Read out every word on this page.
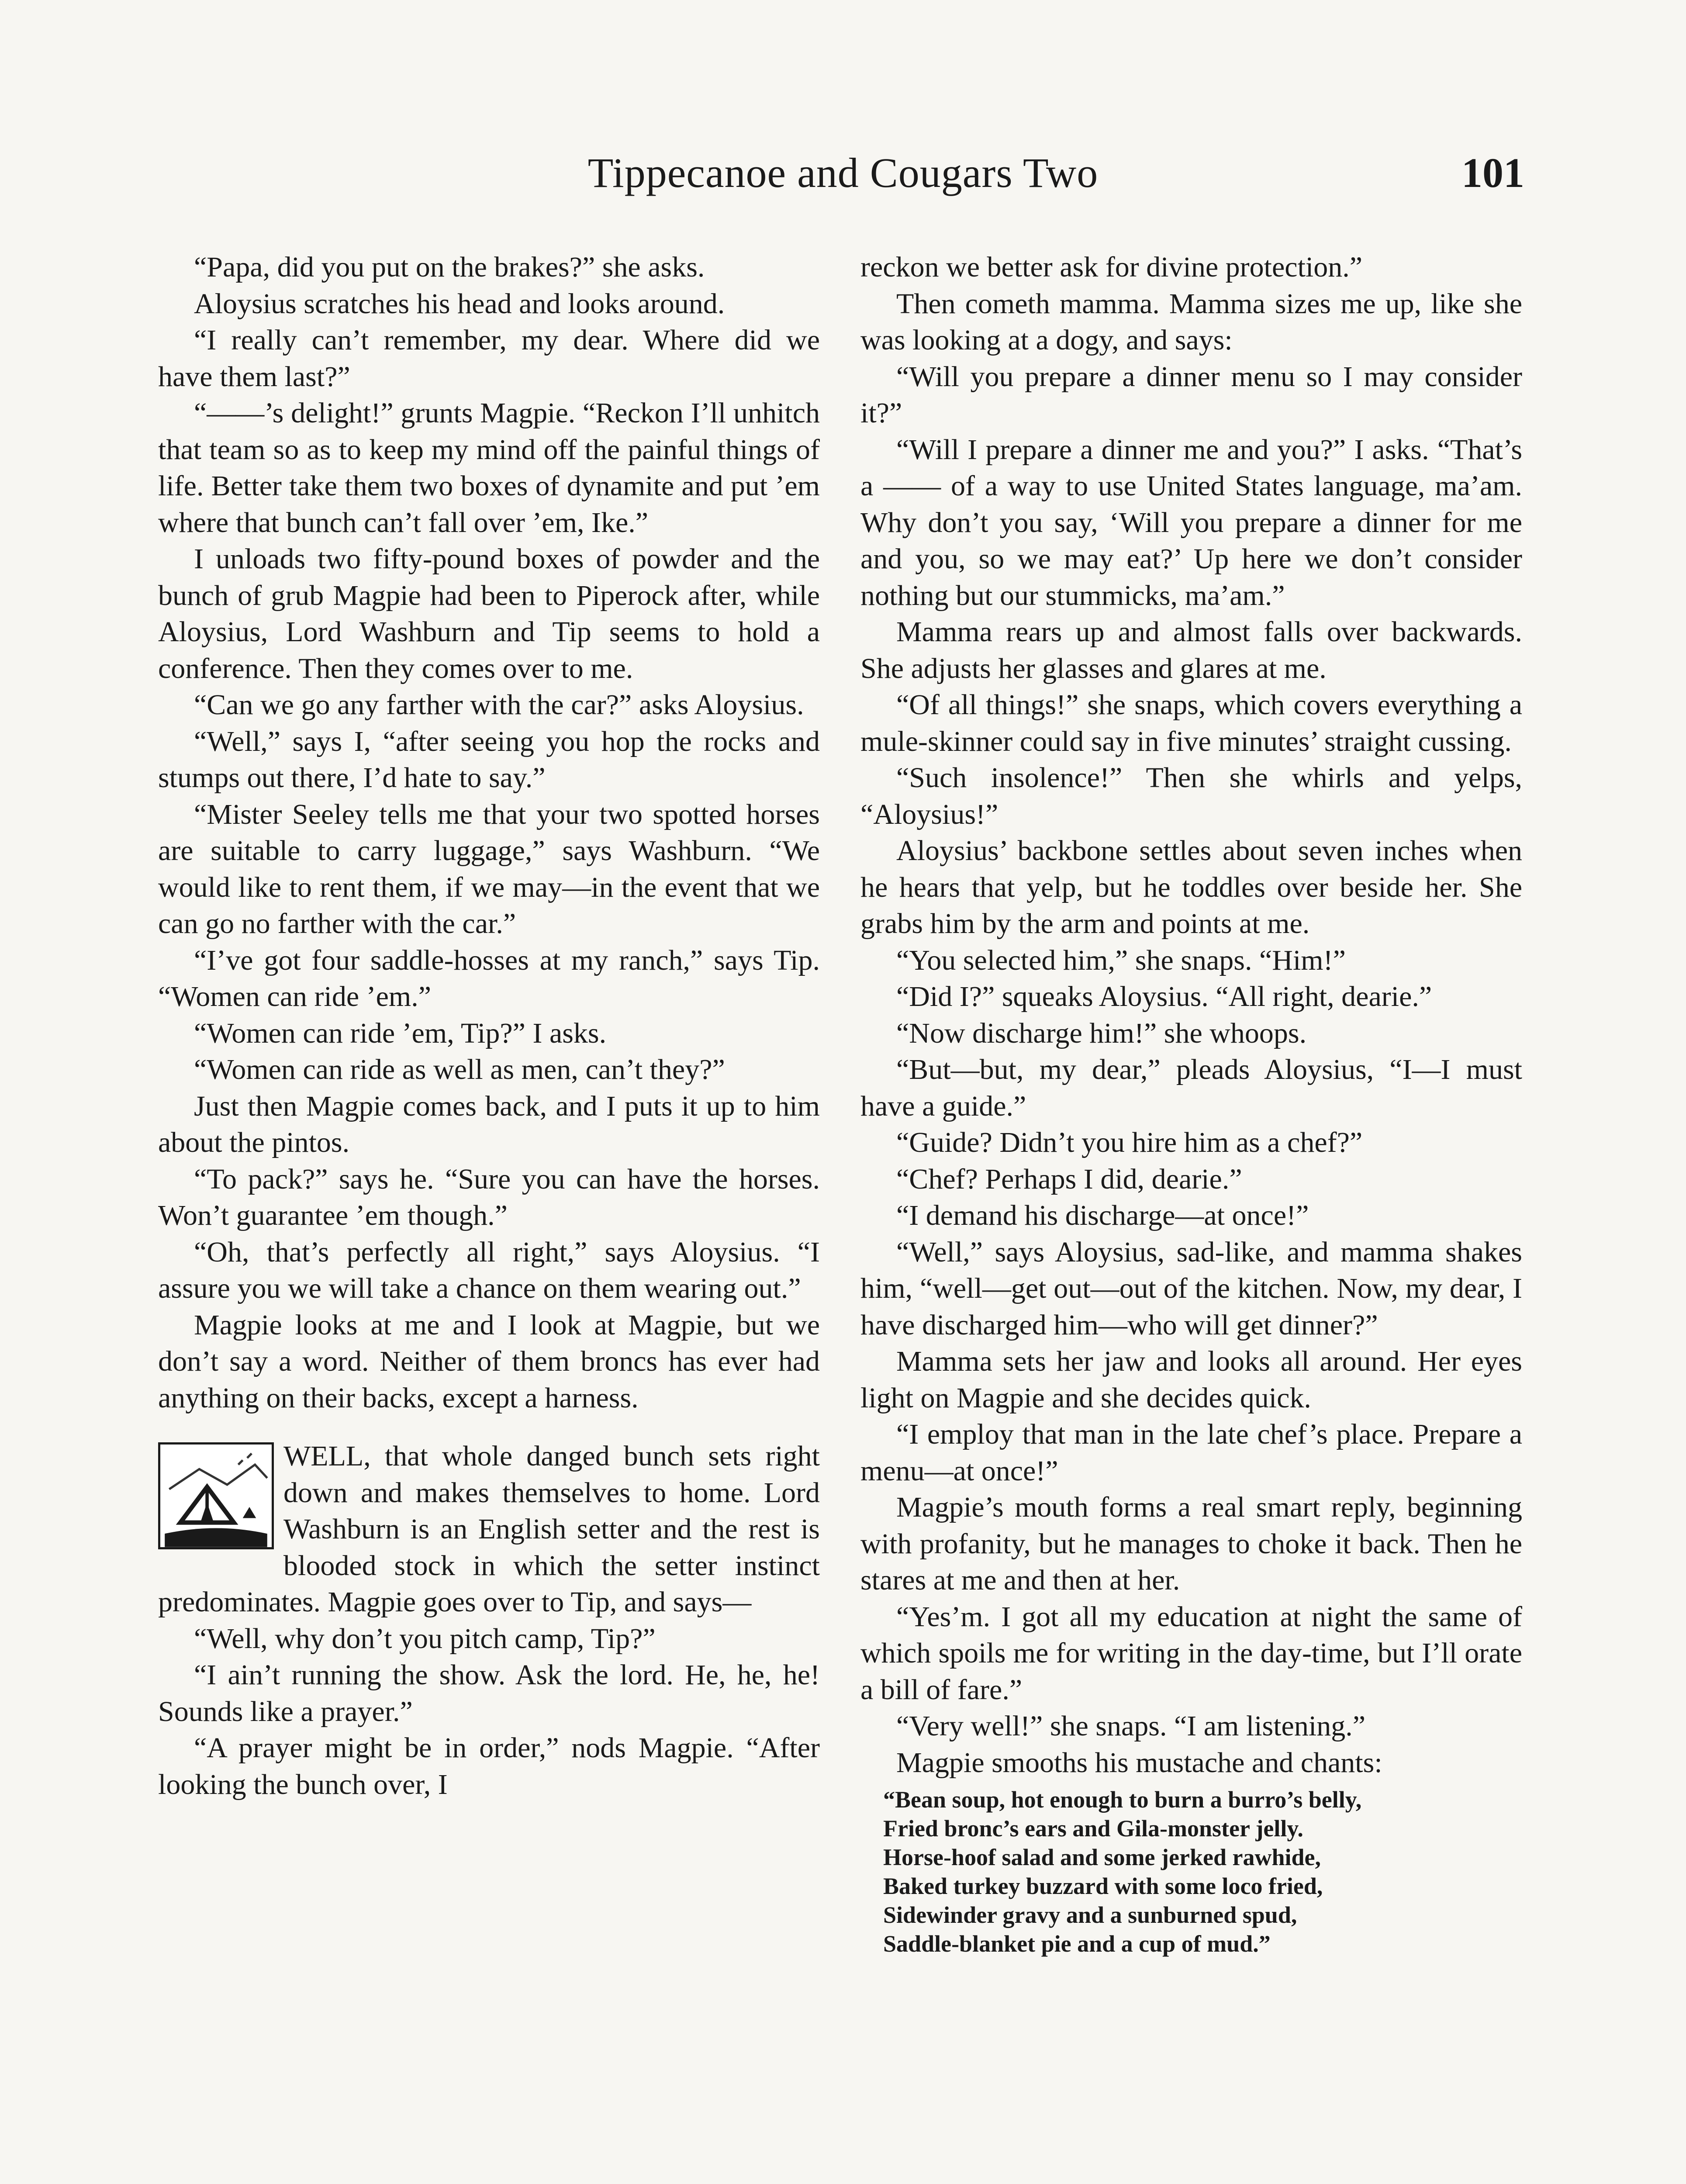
Tippecanoe and Cougars Two	101

“Papa, did you put on the brakes?” she asks.

Aloysius scratches his head and looks around.

“I really can’t remember, my dear. Where did we have them last?”

“——’s delight!” grunts Magpie. “Reckon I’ll unhitch that team so as to keep my mind off the painful things of life. Better take them two boxes of dynamite and put ’em where that bunch can’t fall over ’em, Ike.”

I unloads two fifty-pound boxes of powder and the bunch of grub Magpie had been to Piperock after, while Aloysius, Lord Washburn and Tip seems to hold a conference. Then they comes over to me.

“Can we go any farther with the car?” asks Aloysius.

“Well,” says I, “after seeing you hop the rocks and stumps out there, I’d hate to say.”

“Mister Seeley tells me that your two spotted horses are suitable to carry luggage,” says Washburn. “We would like to rent them, if we may—in the event that we can go no farther with the car.”

“I’ve got four saddle-hosses at my ranch,” says Tip. “Women can ride ’em.”

“Women can ride ’em, Tip?” I asks.

“Women can ride as well as men, can’t they?”

Just then Magpie comes back, and I puts it up to him about the pintos.

“To pack?” says he. “Sure you can have the horses. Won’t guarantee ’em though.”

“Oh, that’s perfectly all right,” says Aloysius. “I assure you we will take a chance on them wearing out.”

Magpie looks at me and I look at Magpie, but we don’t say a word. Neither of them broncs has ever had anything on their backs, except a harness.

WELL, that whole danged bunch sets right down and makes themselves to home. Lord Washburn is an English setter and the rest is blooded stock in which the setter instinct predominates. Magpie goes over to Tip, and says—

“Well, why don’t you pitch camp, Tip?”

“I ain’t running the show. Ask the lord. He, he, he! Sounds like a prayer.”

“A prayer might be in order,” nods Magpie. “After looking the bunch over, I

reckon we better ask for divine protection.”

Then cometh mamma. Mamma sizes me up, like she was looking at a dogy, and says:

“Will you prepare a dinner menu so I may consider it?”

“Will I prepare a dinner me and you?” I asks. “That’s a —— of a way to use United States language, ma’am. Why don’t you say, ‘Will you prepare a dinner for me and you, so we may eat?’ Up here we don’t consider nothing but our stummicks, ma’am.”

Mamma rears up and almost falls over backwards. She adjusts her glasses and glares at me.

“Of all things!” she snaps, which covers everything a mule-skinner could say in five minutes’ straight cussing.

“Such insolence!” Then she whirls and yelps, “Aloysius!”

Aloysius’ backbone settles about seven inches when he hears that yelp, but he toddles over beside her. She grabs him by the arm and points at me.

“You selected him,” she snaps. “Him!”

“Did I?” squeaks Aloysius. “All right, dearie.”

“Now discharge him!” she whoops.

“But—but, my dear,” pleads Aloysius, “I—I must have a guide.”

“Guide? Didn’t you hire him as a chef?”

“Chef? Perhaps I did, dearie.”

“I demand his discharge—at once!”

“Well,” says Aloysius, sad-like, and mamma shakes him, “well—get out—out of the kitchen. Now, my dear, I have discharged him—who will get dinner?”

Mamma sets her jaw and looks all around. Her eyes light on Magpie and she decides quick.

“I employ that man in the late chef’s place. Prepare a menu—at once!”

Magpie’s mouth forms a real smart reply, beginning with profanity, but he manages to choke it back. Then he stares at me and then at her.

“Yes’m. I got all my education at night the same of which spoils me for writing in the day-time, but I’ll orate a bill of fare.”

“Very well!” she snaps. “I am listening.”

Magpie smooths his mustache and chants:

“Bean soup, hot enough to burn a burro’s belly,
Fried bronc’s ears and Gila-monster jelly.
Horse-hoof salad and some jerked rawhide,
Baked turkey buzzard with some loco fried,
Sidewinder gravy and a sunburned spud,
Saddle-blanket pie and a cup of mud.”
